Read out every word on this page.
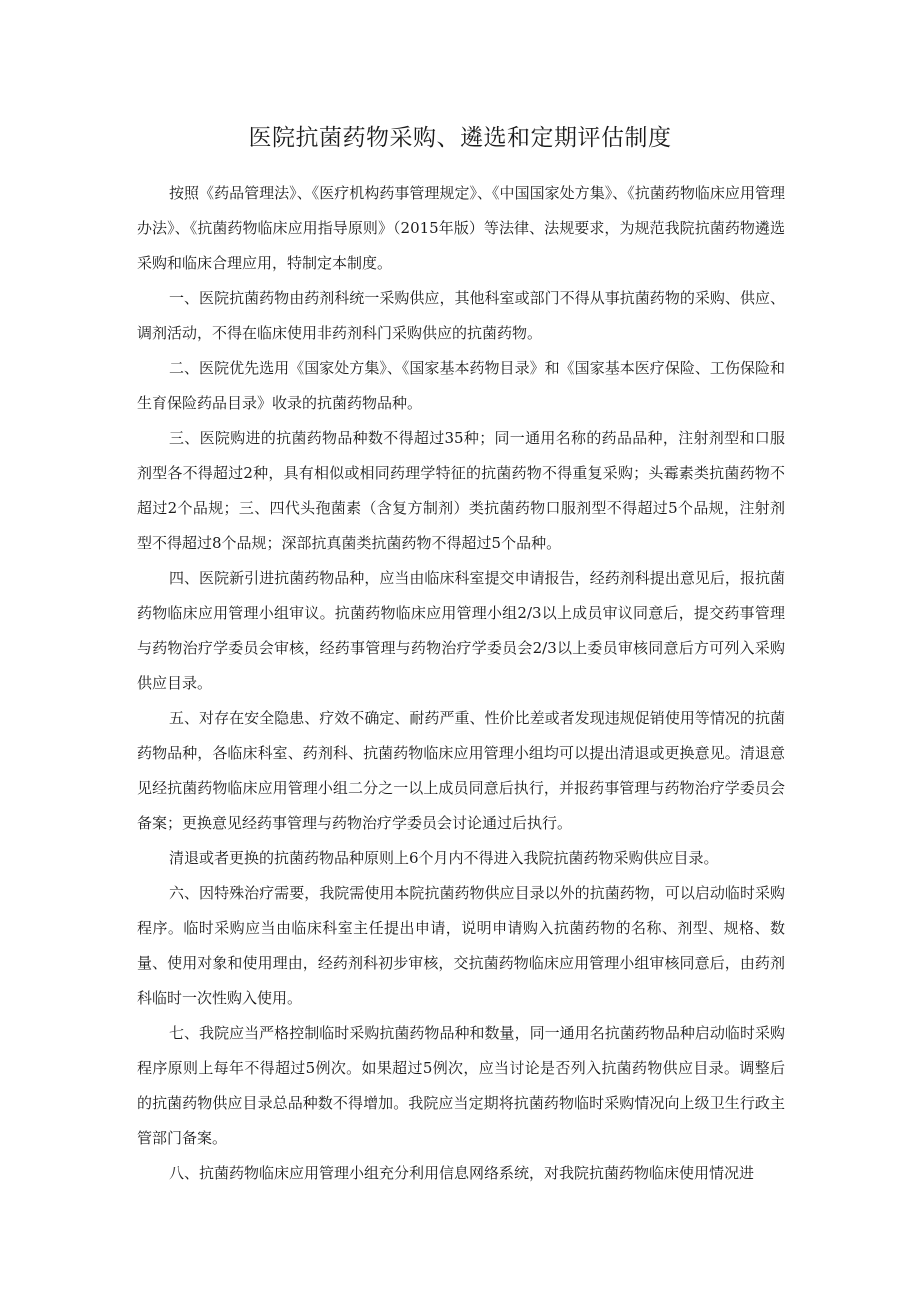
医院抗菌药物采购、遴选和定期评估制度

按照《药品管理法》、《医疗机构药事管理规定》、《中国国家处方集》、《抗菌药物临床应用管理办法》、《抗菌药物临床应用指导原则》（2015年版）等法律、法规要求，为规范我院抗菌药物遴选采购和临床合理应用，特制定本制度。

一、医院抗菌药物由药剂科统一采购供应，其他科室或部门不得从事抗菌药物的采购、供应、调剂活动，不得在临床使用非药剂科门采购供应的抗菌药物。

二、医院优先选用《国家处方集》、《国家基本药物目录》和《国家基本医疗保险、工伤保险和生育保险药品目录》收录的抗菌药物品种。

三、医院购进的抗菌药物品种数不得超过35种；同一通用名称的药品品种，注射剂型和口服剂型各不得超过2种，具有相似或相同药理学特征的抗菌药物不得重复采购；头霉素类抗菌药物不超过2个品规；三、四代头孢菌素（含复方制剂）类抗菌药物口服剂型不得超过5个品规，注射剂型不得超过8个品规；深部抗真菌类抗菌药物不得超过5个品种。

四、医院新引进抗菌药物品种，应当由临床科室提交申请报告，经药剂科提出意见后，报抗菌药物临床应用管理小组审议。抗菌药物临床应用管理小组2/3以上成员审议同意后，提交药事管理与药物治疗学委员会审核，经药事管理与药物治疗学委员会2/3以上委员审核同意后方可列入采购供应目录。

五、对存在安全隐患、疗效不确定、耐药严重、性价比差或者发现违规促销使用等情况的抗菌药物品种，各临床科室、药剂科、抗菌药物临床应用管理小组均可以提出清退或更换意见。清退意见经抗菌药物临床应用管理小组二分之一以上成员同意后执行，并报药事管理与药物治疗学委员会备案；更换意见经药事管理与药物治疗学委员会讨论通过后执行。

清退或者更换的抗菌药物品种原则上6个月内不得进入我院抗菌药物采购供应目录。

六、因特殊治疗需要，我院需使用本院抗菌药物供应目录以外的抗菌药物，可以启动临时采购程序。临时采购应当由临床科室主任提出申请，说明申请购入抗菌药物的名称、剂型、规格、数量、使用对象和使用理由，经药剂科初步审核，交抗菌药物临床应用管理小组审核同意后，由药剂科临时一次性购入使用。

七、我院应当严格控制临时采购抗菌药物品种和数量，同一通用名抗菌药物品种启动临时采购程序原则上每年不得超过5例次。如果超过5例次，应当讨论是否列入抗菌药物供应目录。调整后的抗菌药物供应目录总品种数不得增加。我院应当定期将抗菌药物临时采购情况向上级卫生行政主管部门备案。

八、抗菌药物临床应用管理小组充分利用信息网络系统，对我院抗菌药物临床使用情况进
